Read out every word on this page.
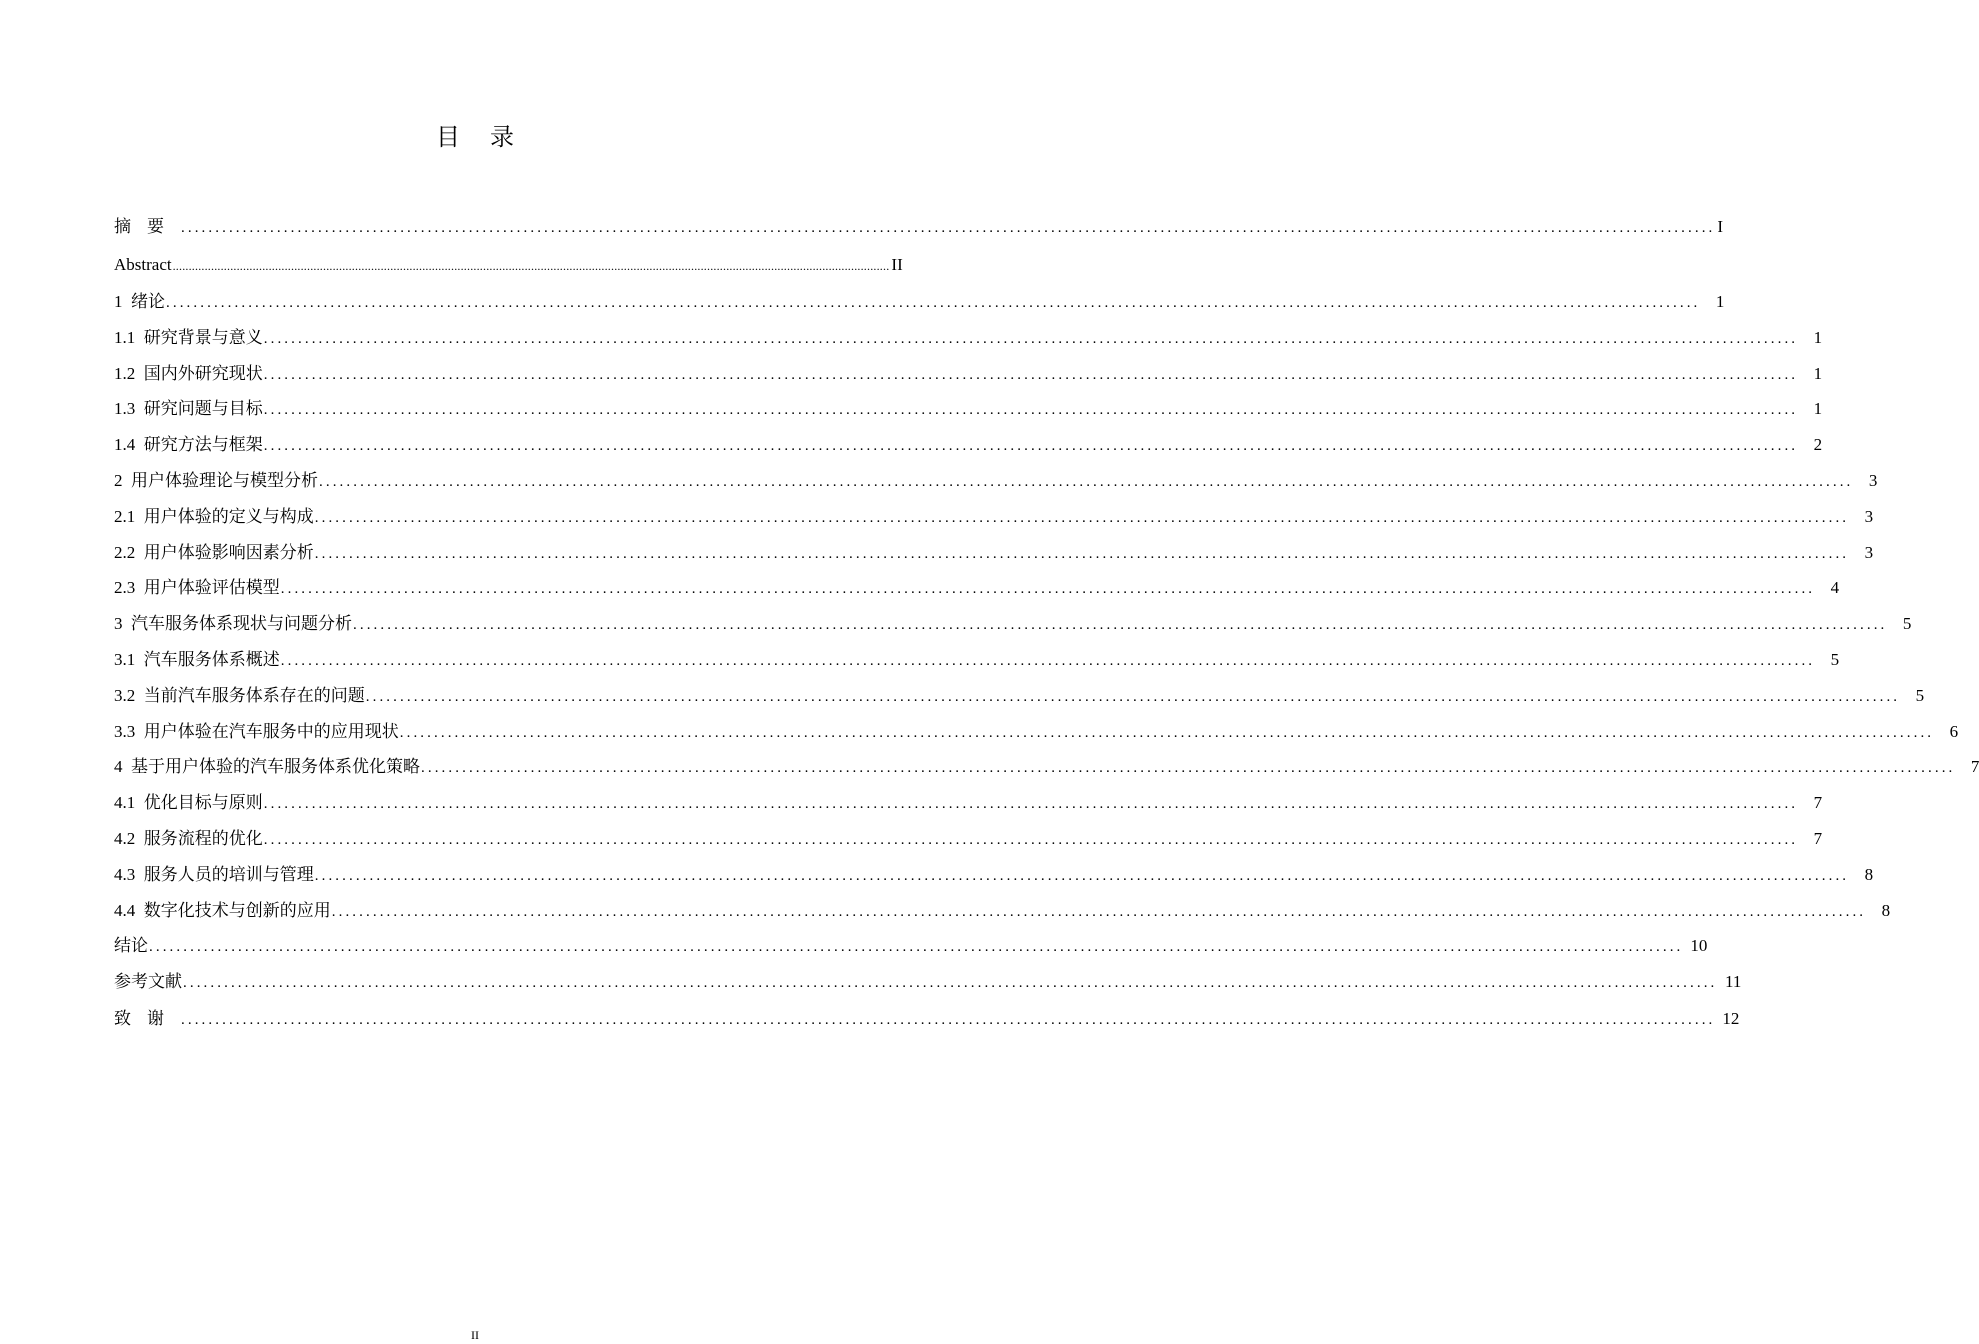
目录
摘要 ................................................................................................................................................................................................................................ I
Abstract ................................................................................................................................................................................................................................ II
1  绪论 ................................................................................................................................................................................................................................ 1
1.1  研究背景与意义 ................................................................................................................................................................................................................................ 1
1.2  国内外研究现状 ................................................................................................................................................................................................................................ 1
1.3  研究问题与目标 ................................................................................................................................................................................................................................ 1
1.4  研究方法与框架 ................................................................................................................................................................................................................................ 2
2  用户体验理论与模型分析 ................................................................................................................................................................................................................................ 3
2.1  用户体验的定义与构成 ................................................................................................................................................................................................................................ 3
2.2  用户体验影响因素分析 ................................................................................................................................................................................................................................ 3
2.3  用户体验评估模型 ................................................................................................................................................................................................................................ 4
3  汽车服务体系现状与问题分析 ................................................................................................................................................................................................................................ 5
3.1  汽车服务体系概述 ................................................................................................................................................................................................................................ 5
3.2  当前汽车服务体系存在的问题 ................................................................................................................................................................................................................................ 5
3.3  用户体验在汽车服务中的应用现状 ................................................................................................................................................................................................................................ 6
4  基于用户体验的汽车服务体系优化策略 ................................................................................................................................................................................................................................ 7
4.1  优化目标与原则 ................................................................................................................................................................................................................................ 7
4.2  服务流程的优化 ................................................................................................................................................................................................................................ 7
4.3  服务人员的培训与管理 ................................................................................................................................................................................................................................ 8
4.4  数字化技术与创新的应用 ................................................................................................................................................................................................................................ 8
结论 ................................................................................................................................................................................................................................ 10
参考文献 ................................................................................................................................................................................................................................ 11
致谢 ................................................................................................................................................................................................................................ 12
II
